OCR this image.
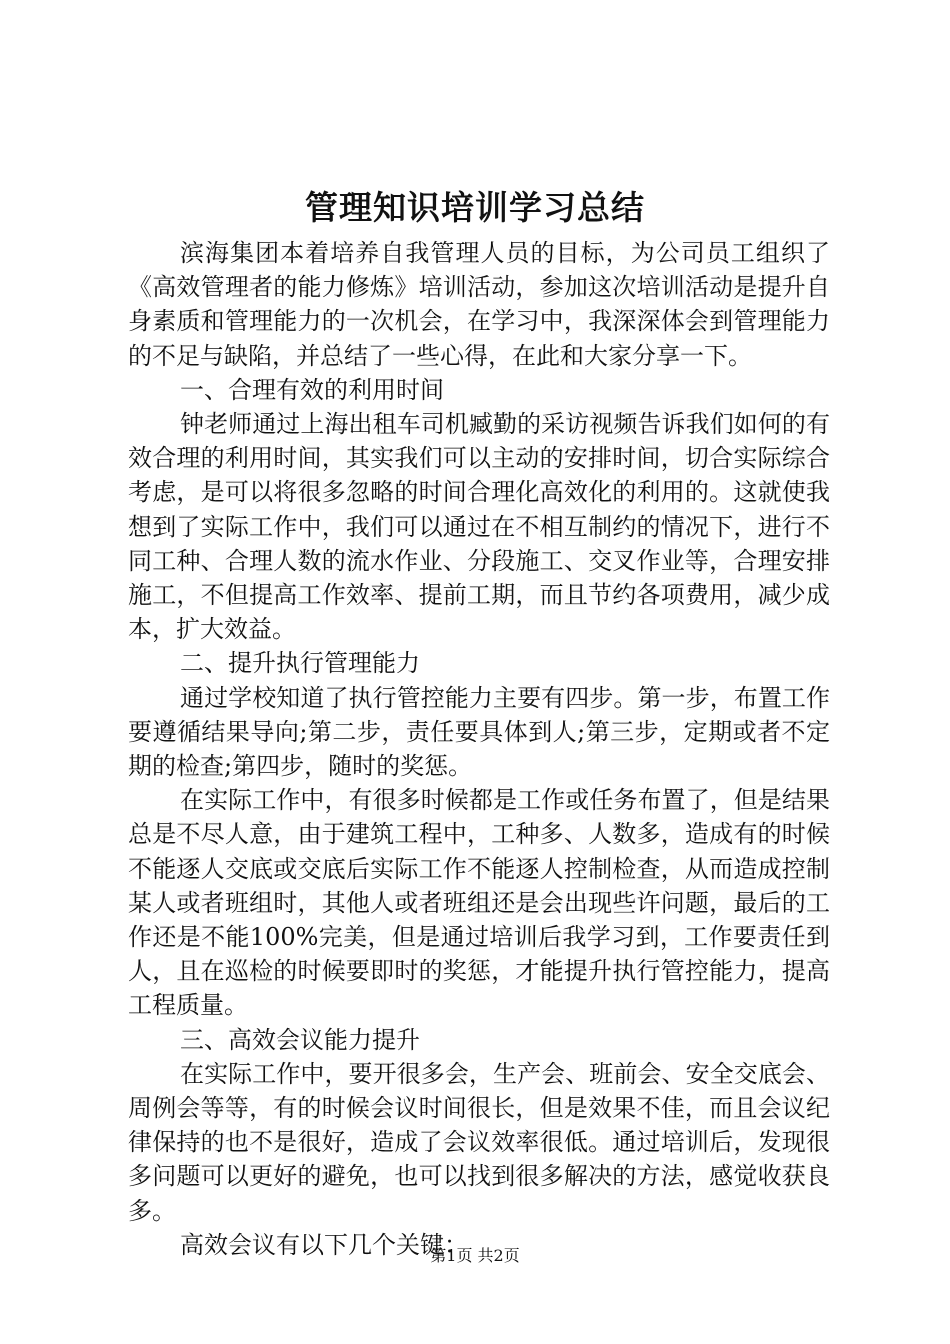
管理知识培训学习总结

滨海集团本着培养自我管理人员的目标，为公司员工组织了《高效管理者的能力修炼》培训活动，参加这次培训活动是提升自身素质和管理能力的一次机会，在学习中，我深深体会到管理能力的不足与缺陷，并总结了一些心得，在此和大家分享一下。

一、合理有效的利用时间

钟老师通过上海出租车司机臧勤的采访视频告诉我们如何的有效合理的利用时间，其实我们可以主动的安排时间，切合实际综合考虑，是可以将很多忽略的时间合理化高效化的利用的。这就使我想到了实际工作中，我们可以通过在不相互制约的情况下，进行不同工种、合理人数的流水作业、分段施工、交叉作业等，合理安排施工，不但提高工作效率、提前工期，而且节约各项费用，减少成本，扩大效益。

二、提升执行管理能力

通过学校知道了执行管控能力主要有四步。第一步，布置工作要遵循结果导向;第二步，责任要具体到人;第三步，定期或者不定期的检查;第四步，随时的奖惩。

在实际工作中，有很多时候都是工作或任务布置了，但是结果总是不尽人意，由于建筑工程中，工种多、人数多，造成有的时候不能逐人交底或交底后实际工作不能逐人控制检查，从而造成控制某人或者班组时，其他人或者班组还是会出现些许问题，最后的工作还是不能100%完美，但是通过培训后我学习到，工作要责任到人，且在巡检的时候要即时的奖惩，才能提升执行管控能力，提高工程质量。

三、高效会议能力提升

在实际工作中，要开很多会，生产会、班前会、安全交底会、周例会等等，有的时候会议时间很长，但是效果不佳，而且会议纪律保持的也不是很好，造成了会议效率很低。通过培训后，发现很多问题可以更好的避免，也可以找到很多解决的方法，感觉收获良多。

高效会议有以下几个关键：

第1页 共2页
